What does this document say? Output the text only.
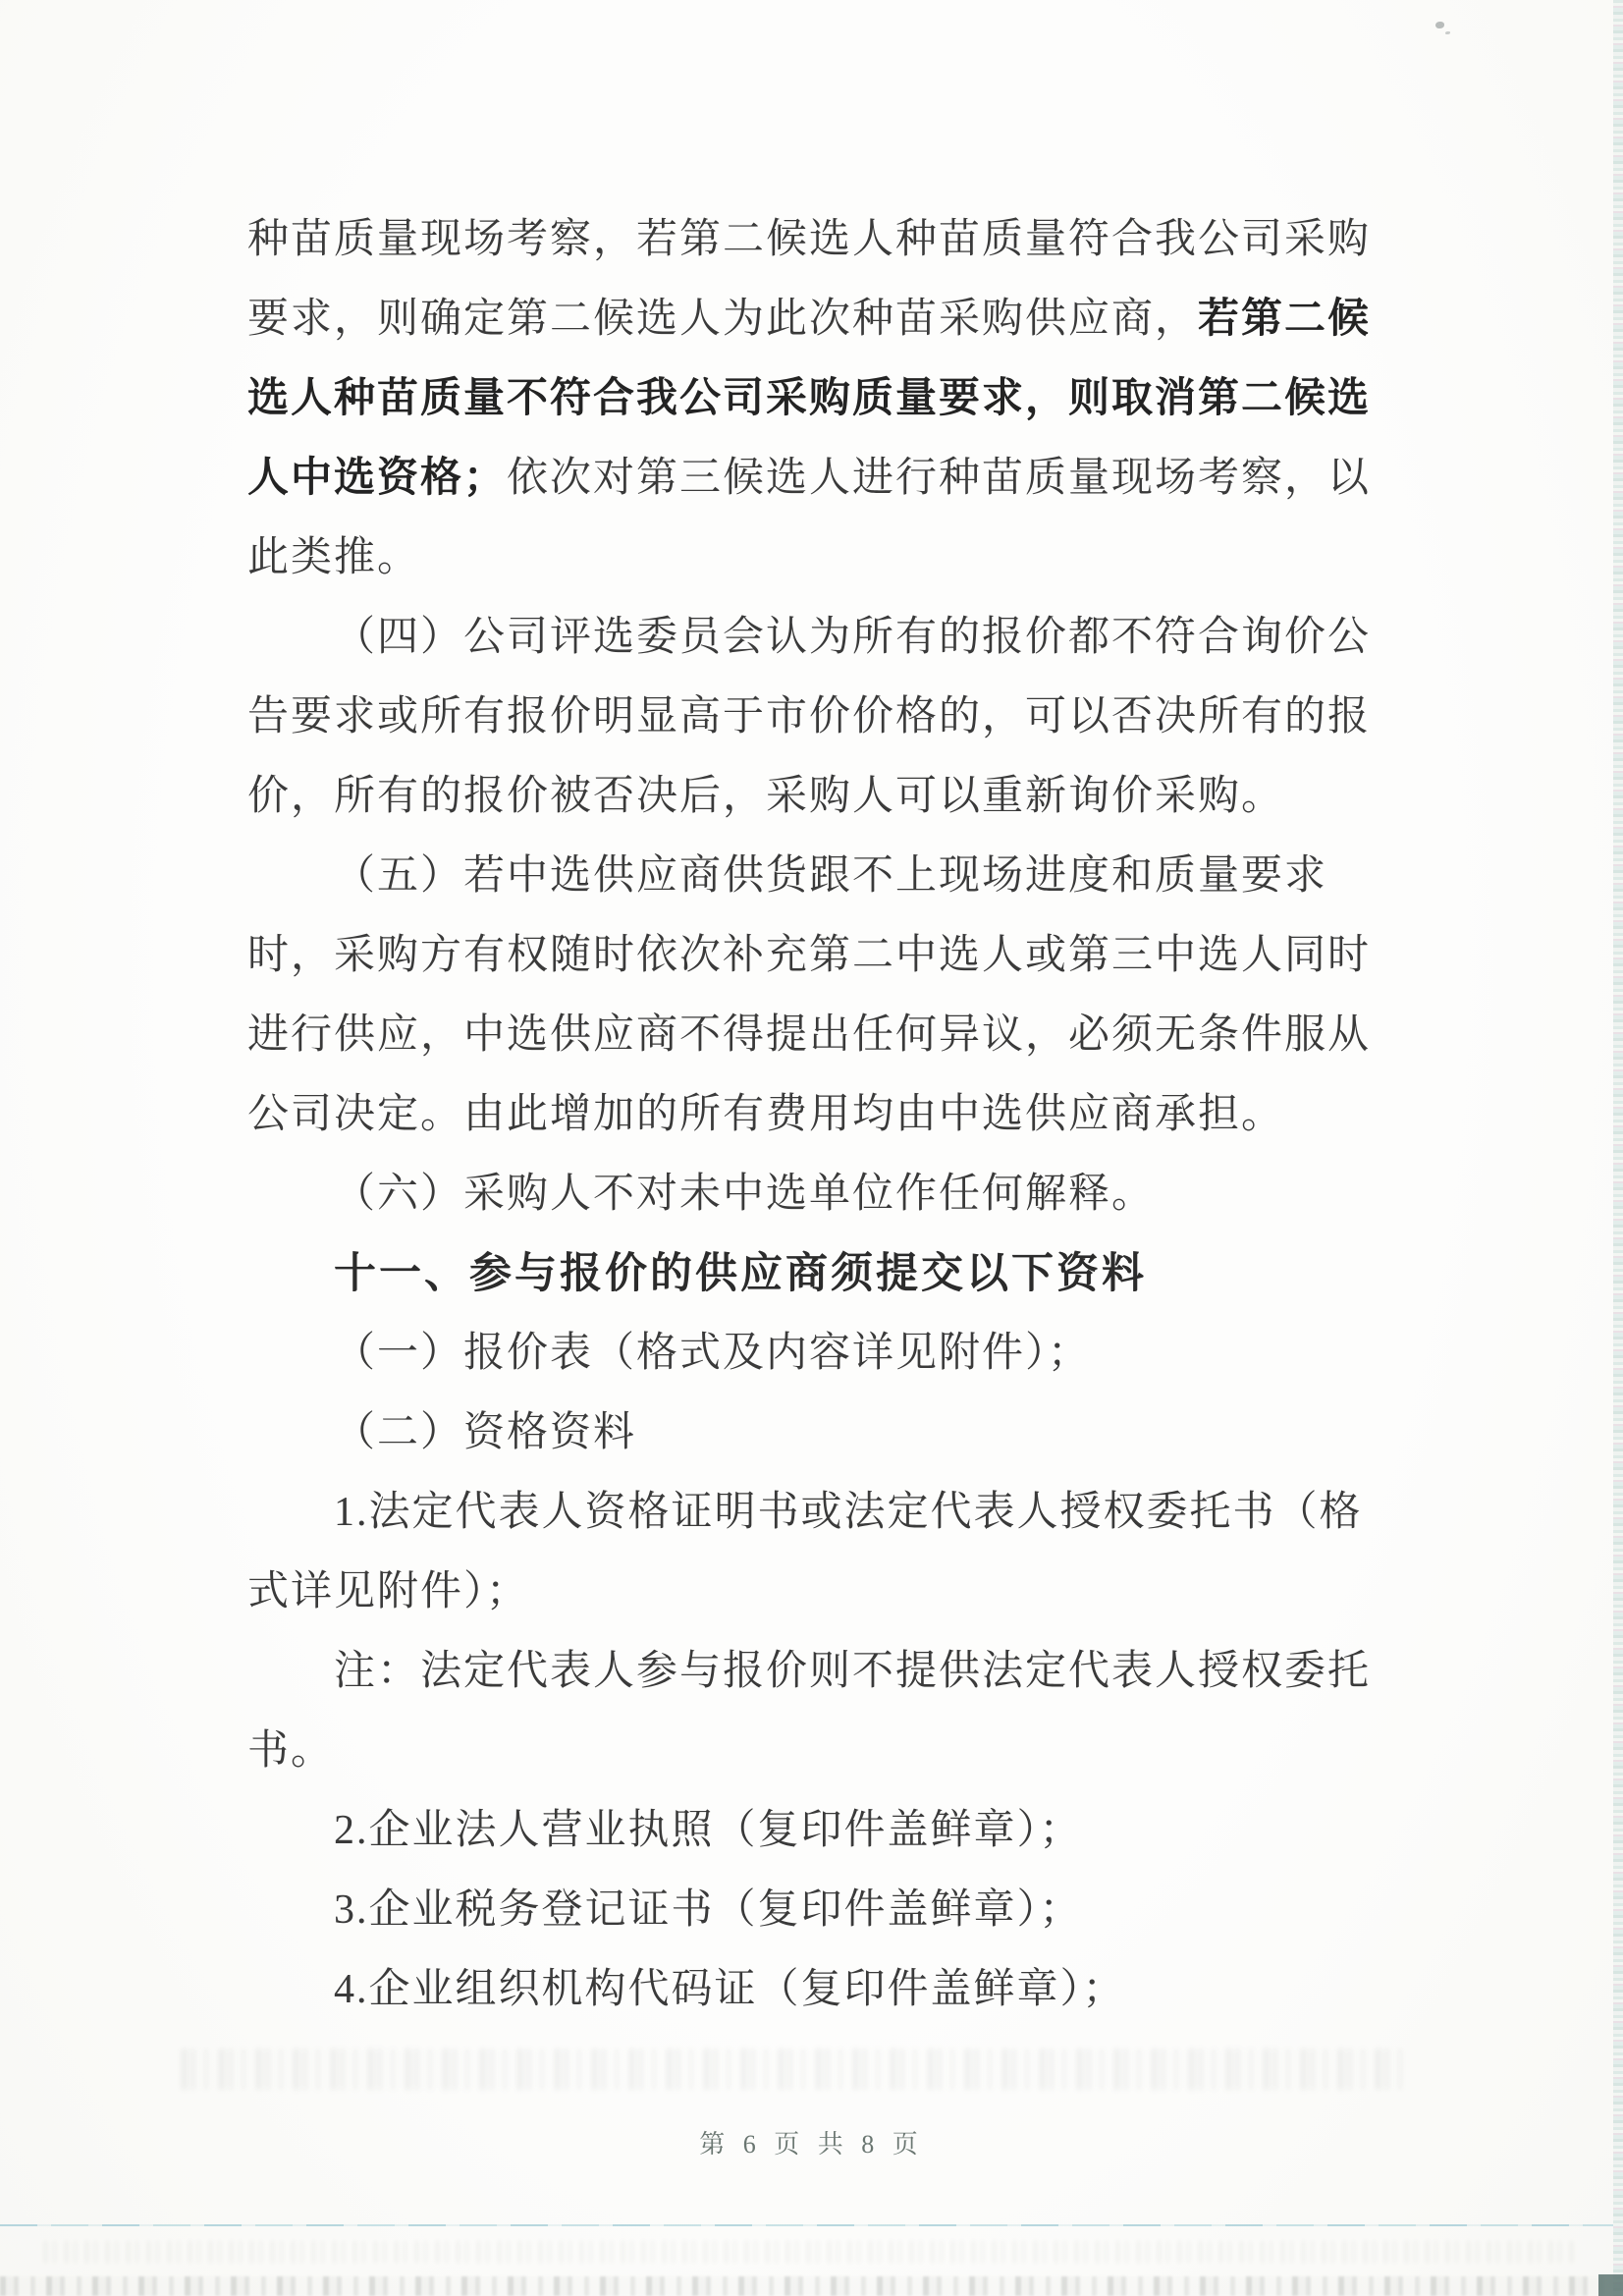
种苗质量现场考察，若第二候选人种苗质量符合我公司采购
要求，则确定第二候选人为此次种苗采购供应商，若第二候
选人种苗质量不符合我公司采购质量要求，则取消第二候选
人中选资格；依次对第三候选人进行种苗质量现场考察，以
此类推。
（四）公司评选委员会认为所有的报价都不符合询价公
告要求或所有报价明显高于市价价格的，可以否决所有的报
价，所有的报价被否决后，采购人可以重新询价采购。
（五）若中选供应商供货跟不上现场进度和质量要求
时，采购方有权随时依次补充第二中选人或第三中选人同时
进行供应，中选供应商不得提出任何异议，必须无条件服从
公司决定。由此增加的所有费用均由中选供应商承担。
（六）采购人不对未中选单位作任何解释。
十一、参与报价的供应商须提交以下资料
（一）报价表（格式及内容详见附件）；
（二）资格资料
1.法定代表人资格证明书或法定代表人授权委托书（格
式详见附件）；
注：法定代表人参与报价则不提供法定代表人授权委托
书。
2.企业法人营业执照（复印件盖鲜章）；
3.企业税务登记证书（复印件盖鲜章）；
4.企业组织机构代码证（复印件盖鲜章）；
第 6 页 共 8 页
